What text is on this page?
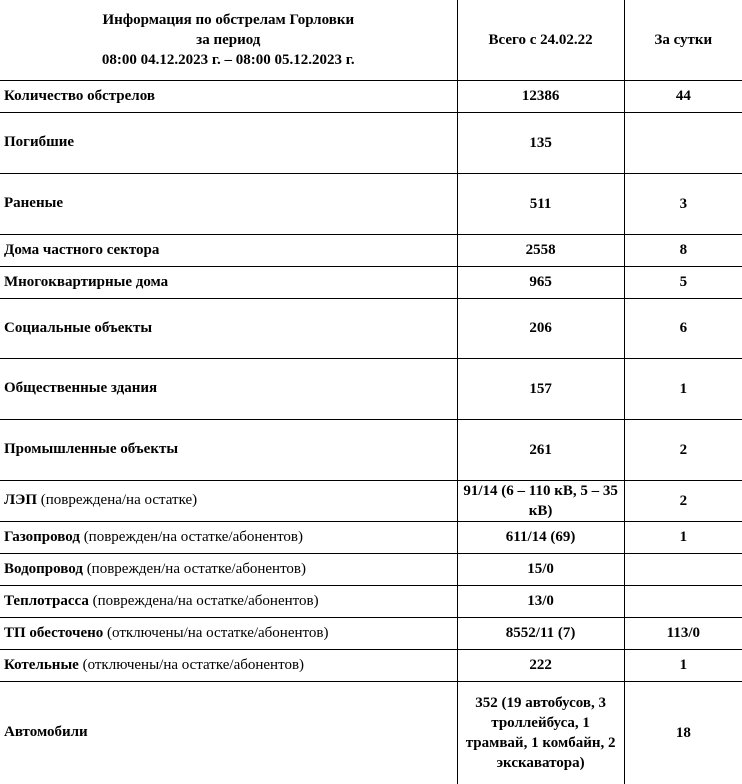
Информация по обстрелам Горловки
за период
08:00 04.12.2023 г. – 08:00 05.12.2023 г.	Всего с 24.02.22	За сутки
Количество обстрелов	12386	44
Погибшие	135	
Раненые	511	3
Дома частного сектора	2558	8
Многоквартирные дома	965	5
Социальные объекты	206	6
Общественные здания	157	1
Промышленные объекты	261	2
ЛЭП (повреждена/на остатке)	91/14 (6 – 110 кВ, 5 – 35 кВ)	2
Газопровод (поврежден/на остатке/абонентов)	611/14 (69)	1
Водопровод (поврежден/на остатке/абонентов)	15/0	
Теплотрасса (повреждена/на остатке/абонентов)	13/0	
ТП обесточено (отключены/на остатке/абонентов)	8552/11 (7)	113/0
Котельные (отключены/на остатке/абонентов)	222	1
Автомобили	352 (19 автобусов, 3 троллейбуса, 1 трамвай, 1 комбайн, 2 экскаватора)	18
